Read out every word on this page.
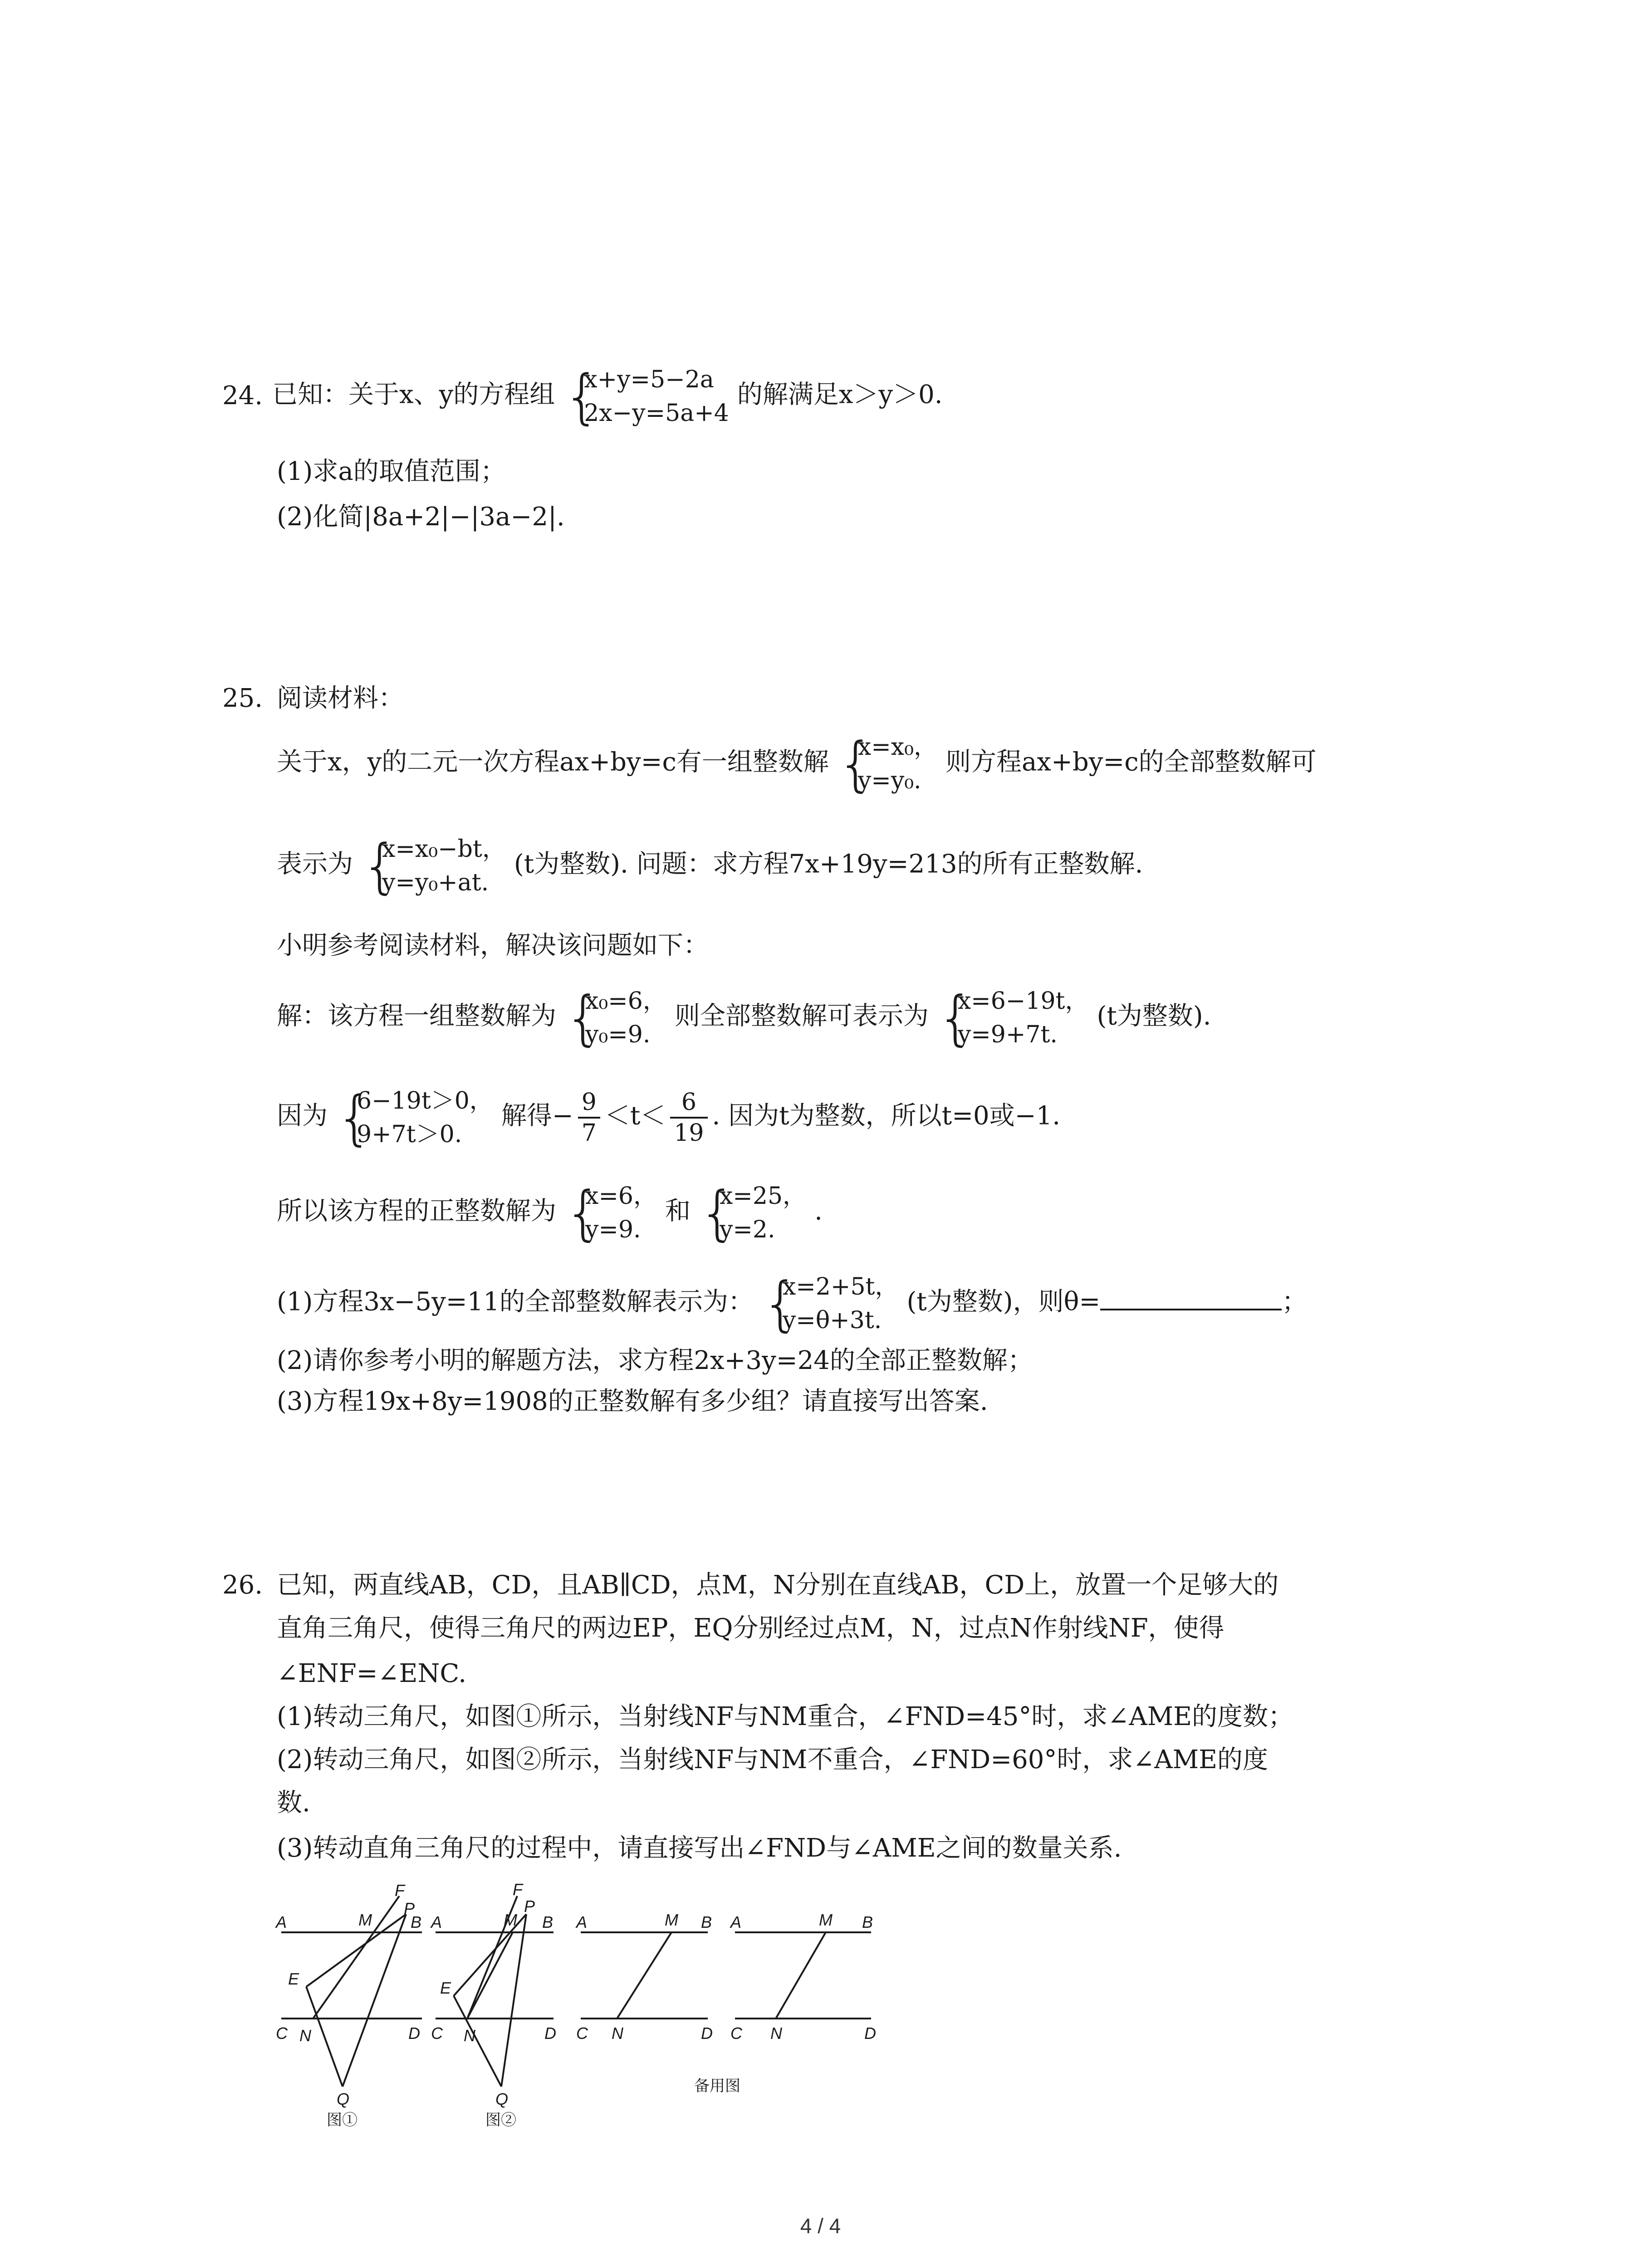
24. 已知：关于x、y的方程组 {
x+y=5−2a
2x−y=5a+4
的解满足x＞y＞0.
(1)求a的取值范围；
(2)化简|8a+2|−|3a−2|.
25. 阅读材料：
关于x，y的二元一次方程ax+by=c有一组整数解 {
x=x₀，
y=y₀.
则方程ax+by=c的全部整数解可
表示为 {
x=x₀−bt，
y=y₀+at.
(t为整数). 问题：求方程7x+19y=213的所有正整数解.
小明参考阅读材料，解决该问题如下：
解：该方程一组整数解为 {
x₀=6，
y₀=9.
则全部整数解可表示为 {
x=6−19t，
y=9+7t.
(t为整数).
因为 {
6−19t＞0，
9+7t＞0.
解得− $\frac{9}{7} <t< \frac{6}{19}$ . 因为t为整数，所以t=0或−1.
所以该方程的正整数解为 {
x=6，
y=9.
和 {
x=25，
y=2.
.
(1)方程3x−5y=11的全部整数解表示为： {
x=2+5t，
y=θ+3t.
(t为整数)，则θ=	；
(2)请你参考小明的解题方法，求方程2x+3y=24的全部正整数解；
(3)方程19x+8y=1908的正整数解有多少组？请直接写出答案.
26. 已知，两直线AB，CD，且AB∥CD，点M，N分别在直线AB，CD上，放置一个足够大的
直角三角尺，使得三角尺的两边EP，EQ分别经过点M，N，过点N作射线NF，使得
∠ENF=∠ENC.
(1)转动三角尺，如图①所示，当射线NF与NM重合，∠FND=45°时，求∠AME的度数；
(2)转动三角尺，如图②所示，当射线NF与NM不重合，∠FND=60°时，求∠AME的度
数.
(3)转动直角三角尺的过程中，请直接写出∠FND与∠AME之间的数量关系.
A	B
C	D
M
N
E
F
P
Q
图①
A	B
C	D
M
N
E
F
P
Q
图②
A	B
C	D
M
N
A	B
C	D
M
N
备用图
4 / 4
